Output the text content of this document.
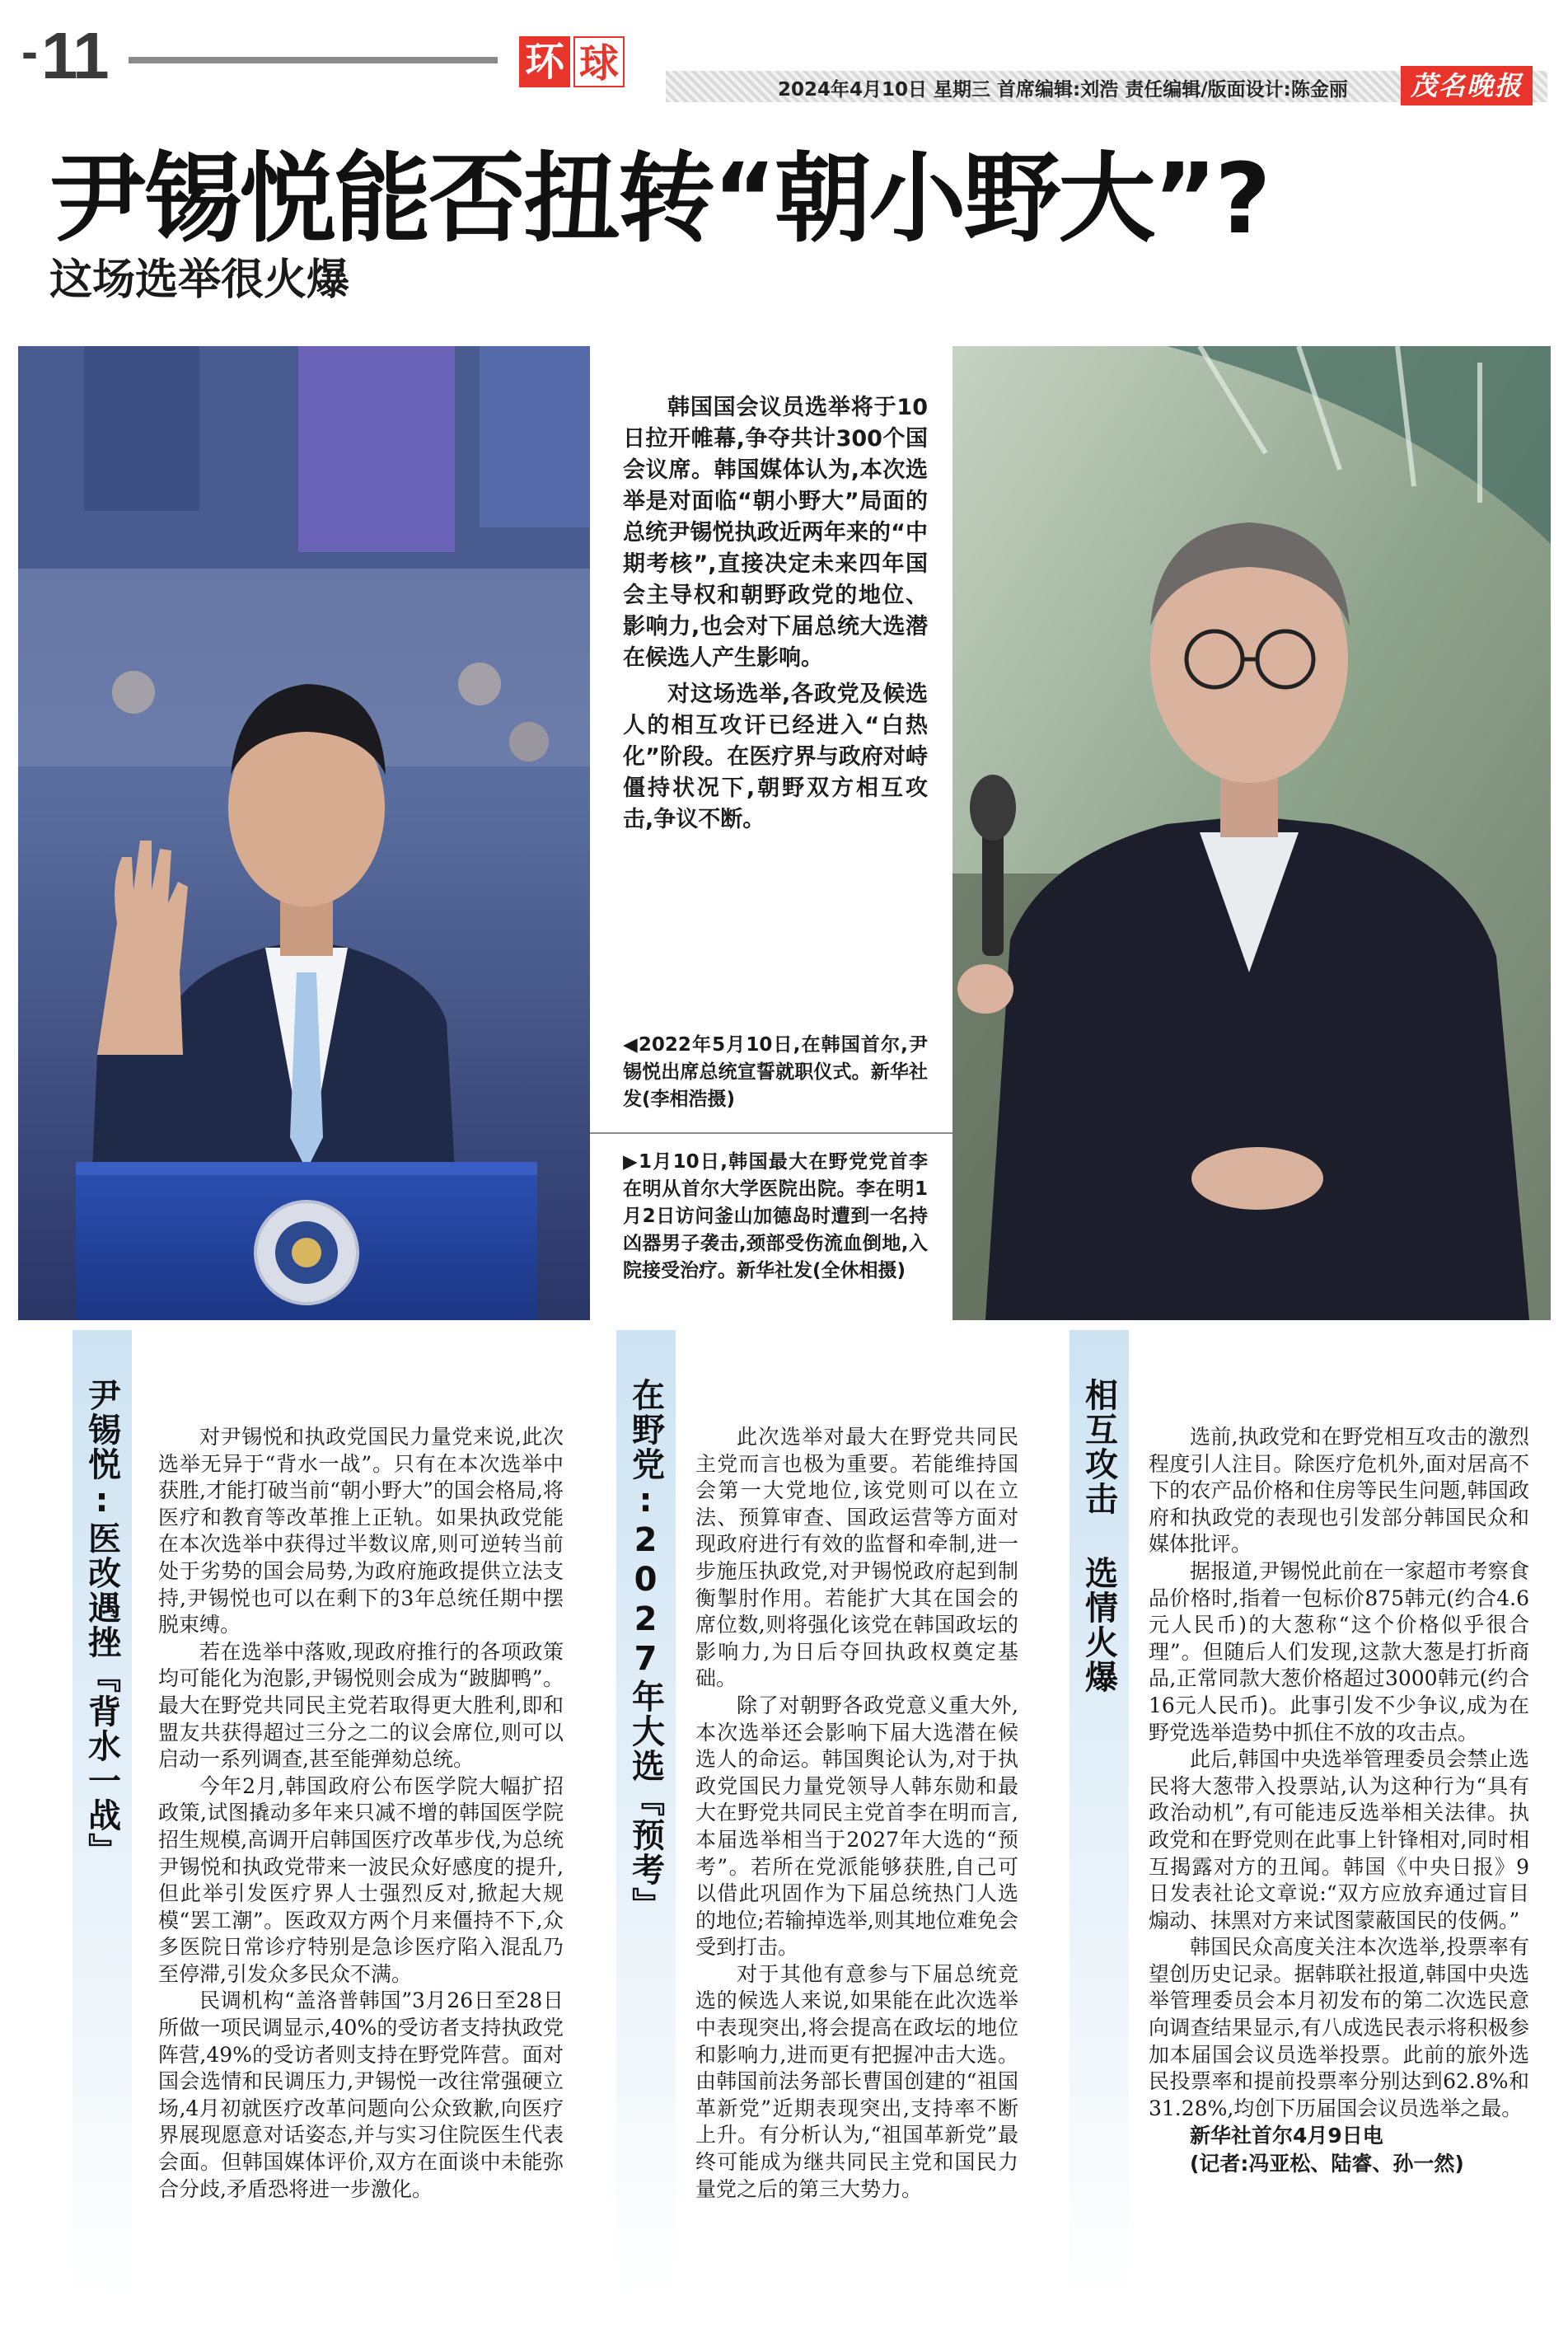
-11	环 球
2024年4月10日 星期三 首席编辑:刘浩 责任编辑/版面设计:陈金丽	茂名晚报
尹锡悦能否扭转“朝小野大”?
这场选举很火爆

韩国国会议员选举将于10日拉开帷幕,争夺共计300个国会议席。韩国媒体认为,本次选举是对面临“朝小野大”局面的总统尹锡悦执政近两年来的“中期考核”,直接决定未来四年国会主导权和朝野政党的地位、影响力,也会对下届总统大选潜在候选人产生影响。

对这场选举,各政党及候选人的相互攻讦已经进入“白热化”阶段。在医疗界与政府对峙僵持状况下,朝野双方相互攻击,争议不断。

◀2022年5月10日,在韩国首尔,尹锡悦出席总统宣誓就职仪式。新华社发(李相浩摄)

▶1月10日,韩国最大在野党党首李在明从首尔大学医院出院。李在明1月2日访问釜山加德岛时遭到一名持凶器男子袭击,颈部受伤流血倒地,入院接受治疗。新华社发(全休相摄)

尹锡悦:医改遇挫『背水一战』	在野党:2027年大选『预考』	相互攻击 选情火爆

对尹锡悦和执政党国民力量党来说,此次选举无异于“背水一战”。只有在本次选举中获胜,才能打破当前“朝小野大”的国会格局,将医疗和教育等改革推上正轨。如果执政党能在本次选举中获得过半数议席,则可逆转当前处于劣势的国会局势,为政府施政提供立法支持,尹锡悦也可以在剩下的3年总统任期中摆脱束缚。

若在选举中落败,现政府推行的各项政策均可能化为泡影,尹锡悦则会成为“跛脚鸭”。最大在野党共同民主党若取得更大胜利,即和盟友共获得超过三分之二的议会席位,则可以启动一系列调查,甚至能弹劾总统。

今年2月,韩国政府公布医学院大幅扩招政策,试图撬动多年来只减不增的韩国医学院招生规模,高调开启韩国医疗改革步伐,为总统尹锡悦和执政党带来一波民众好感度的提升,但此举引发医疗界人士强烈反对,掀起大规模“罢工潮”。医政双方两个月来僵持不下,众多医院日常诊疗特别是急诊医疗陷入混乱乃至停滞,引发众多民众不满。

民调机构“盖洛普韩国”3月26日至28日所做一项民调显示,40%的受访者支持执政党阵营,49%的受访者则支持在野党阵营。面对国会选情和民调压力,尹锡悦一改往常强硬立场,4月初就医疗改革问题向公众致歉,向医疗界展现愿意对话姿态,并与实习住院医生代表会面。但韩国媒体评价,双方在面谈中未能弥合分歧,矛盾恐将进一步激化。

此次选举对最大在野党共同民主党而言也极为重要。若能维持国会第一大党地位,该党则可以在立法、预算审查、国政运营等方面对现政府进行有效的监督和牵制,进一步施压执政党,对尹锡悦政府起到制衡掣肘作用。若能扩大其在国会的席位数,则将强化该党在韩国政坛的影响力,为日后夺回执政权奠定基础。

除了对朝野各政党意义重大外,本次选举还会影响下届大选潜在候选人的命运。韩国舆论认为,对于执政党国民力量党领导人韩东勋和最大在野党共同民主党首李在明而言,本届选举相当于2027年大选的“预考”。若所在党派能够获胜,自己可以借此巩固作为下届总统热门人选的地位;若输掉选举,则其地位难免会受到打击。

对于其他有意参与下届总统竞选的候选人来说,如果能在此次选举中表现突出,将会提高在政坛的地位和影响力,进而更有把握冲击大选。由韩国前法务部长曹国创建的“祖国革新党”近期表现突出,支持率不断上升。有分析认为,“祖国革新党”最终可能成为继共同民主党和国民力量党之后的第三大势力。

选前,执政党和在野党相互攻击的激烈程度引人注目。除医疗危机外,面对居高不下的农产品价格和住房等民生问题,韩国政府和执政党的表现也引发部分韩国民众和媒体批评。

据报道,尹锡悦此前在一家超市考察食品价格时,指着一包标价875韩元(约合4.6元人民币)的大葱称“这个价格似乎很合理”。但随后人们发现,这款大葱是打折商品,正常同款大葱价格超过3000韩元(约合16元人民币)。此事引发不少争议,成为在野党选举造势中抓住不放的攻击点。

此后,韩国中央选举管理委员会禁止选民将大葱带入投票站,认为这种行为“具有政治动机”,有可能违反选举相关法律。执政党和在野党则在此事上针锋相对,同时相互揭露对方的丑闻。韩国《中央日报》9日发表社论文章说:“双方应放弃通过盲目煽动、抹黑对方来试图蒙蔽国民的伎俩。”

韩国民众高度关注本次选举,投票率有望创历史记录。据韩联社报道,韩国中央选举管理委员会本月初发布的第二次选民意向调查结果显示,有八成选民表示将积极参加本届国会议员选举投票。此前的旅外选民投票率和提前投票率分别达到62.8%和31.28%,均创下历届国会议员选举之最。

新华社首尔4月9日电

(记者:冯亚松、陆睿、孙一然)
